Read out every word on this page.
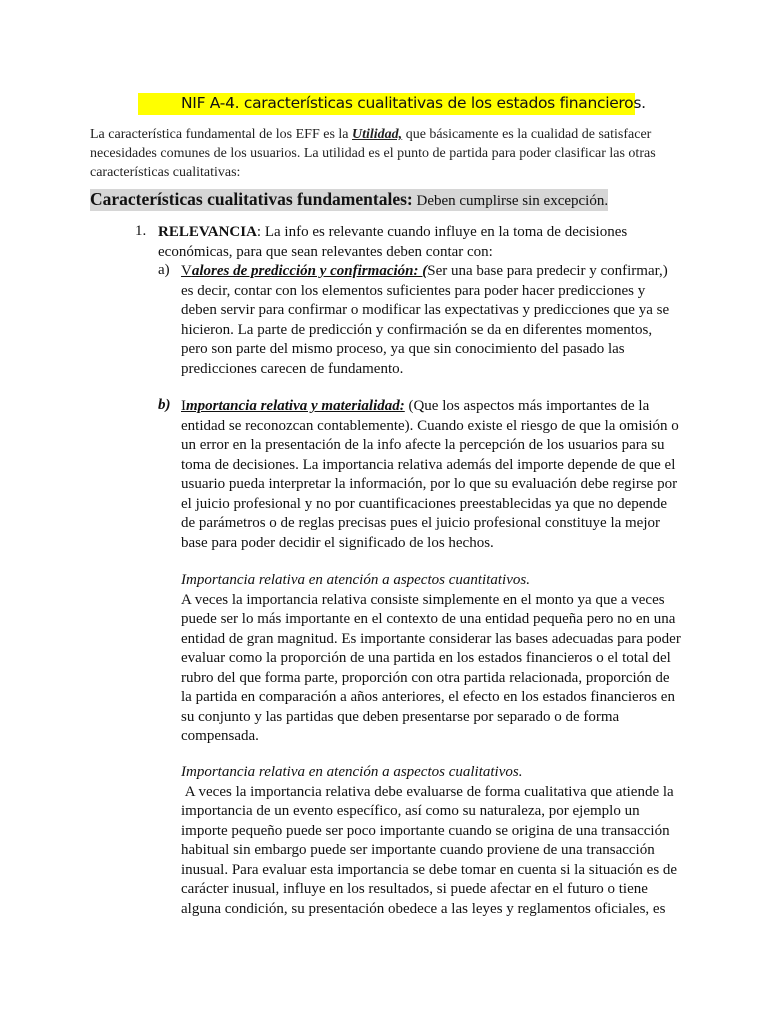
NIF A-4. características cualitativas de los estados financieros.
La característica fundamental de los EFF es la Utilidad, que básicamente es la cualidad de satisfacer necesidades comunes de los usuarios. La utilidad es el punto de partida para poder clasificar las otras características cualitativas:
Características cualitativas fundamentales: Deben cumplirse sin excepción.
1. RELEVANCIA: La info es relevante cuando influye en la toma de decisiones económicas, para que sean relevantes deben contar con:
a) Valores de predicción y confirmación: (Ser una base para predecir y confirmar,) es decir, contar con los elementos suficientes para poder hacer predicciones y deben servir para confirmar o modificar las expectativas y predicciones que ya se hicieron. La parte de predicción y confirmación se da en diferentes momentos, pero son parte del mismo proceso, ya que sin conocimiento del pasado las predicciones carecen de fundamento.
b) Importancia relativa y materialidad: (Que los aspectos más importantes de la entidad se reconozcan contablemente). Cuando existe el riesgo de que la omisión o un error en la presentación de la info afecte la percepción de los usuarios para su toma de decisiones. La importancia relativa además del importe depende de que el usuario pueda interpretar la información, por lo que su evaluación debe regirse por el juicio profesional y no por cuantificaciones preestablecidas ya que no depende de parámetros o de reglas precisas pues el juicio profesional constituye la mejor base para poder decidir el significado de los hechos.
Importancia relativa en atención a aspectos cuantitativos.
A veces la importancia relativa consiste simplemente en el monto ya que a veces puede ser lo más importante en el contexto de una entidad pequeña pero no en una entidad de gran magnitud. Es importante considerar las bases adecuadas para poder evaluar como la proporción de una partida en los estados financieros o el total del rubro del que forma parte, proporción con otra partida relacionada, proporción de la partida en comparación a años anteriores, el efecto en los estados financieros en su conjunto y las partidas que deben presentarse por separado o de forma compensada.
Importancia relativa en atención a aspectos cualitativos.
A veces la importancia relativa debe evaluarse de forma cualitativa que atiende la importancia de un evento específico, así como su naturaleza, por ejemplo un importe pequeño puede ser poco importante cuando se origina de una transacción habitual sin embargo puede ser importante cuando proviene de una transacción inusual. Para evaluar esta importancia se debe tomar en cuenta si la situación es de carácter inusual, influye en los resultados, si puede afectar en el futuro o tiene alguna condición, su presentación obedece a las leyes y reglamentos oficiales, es
